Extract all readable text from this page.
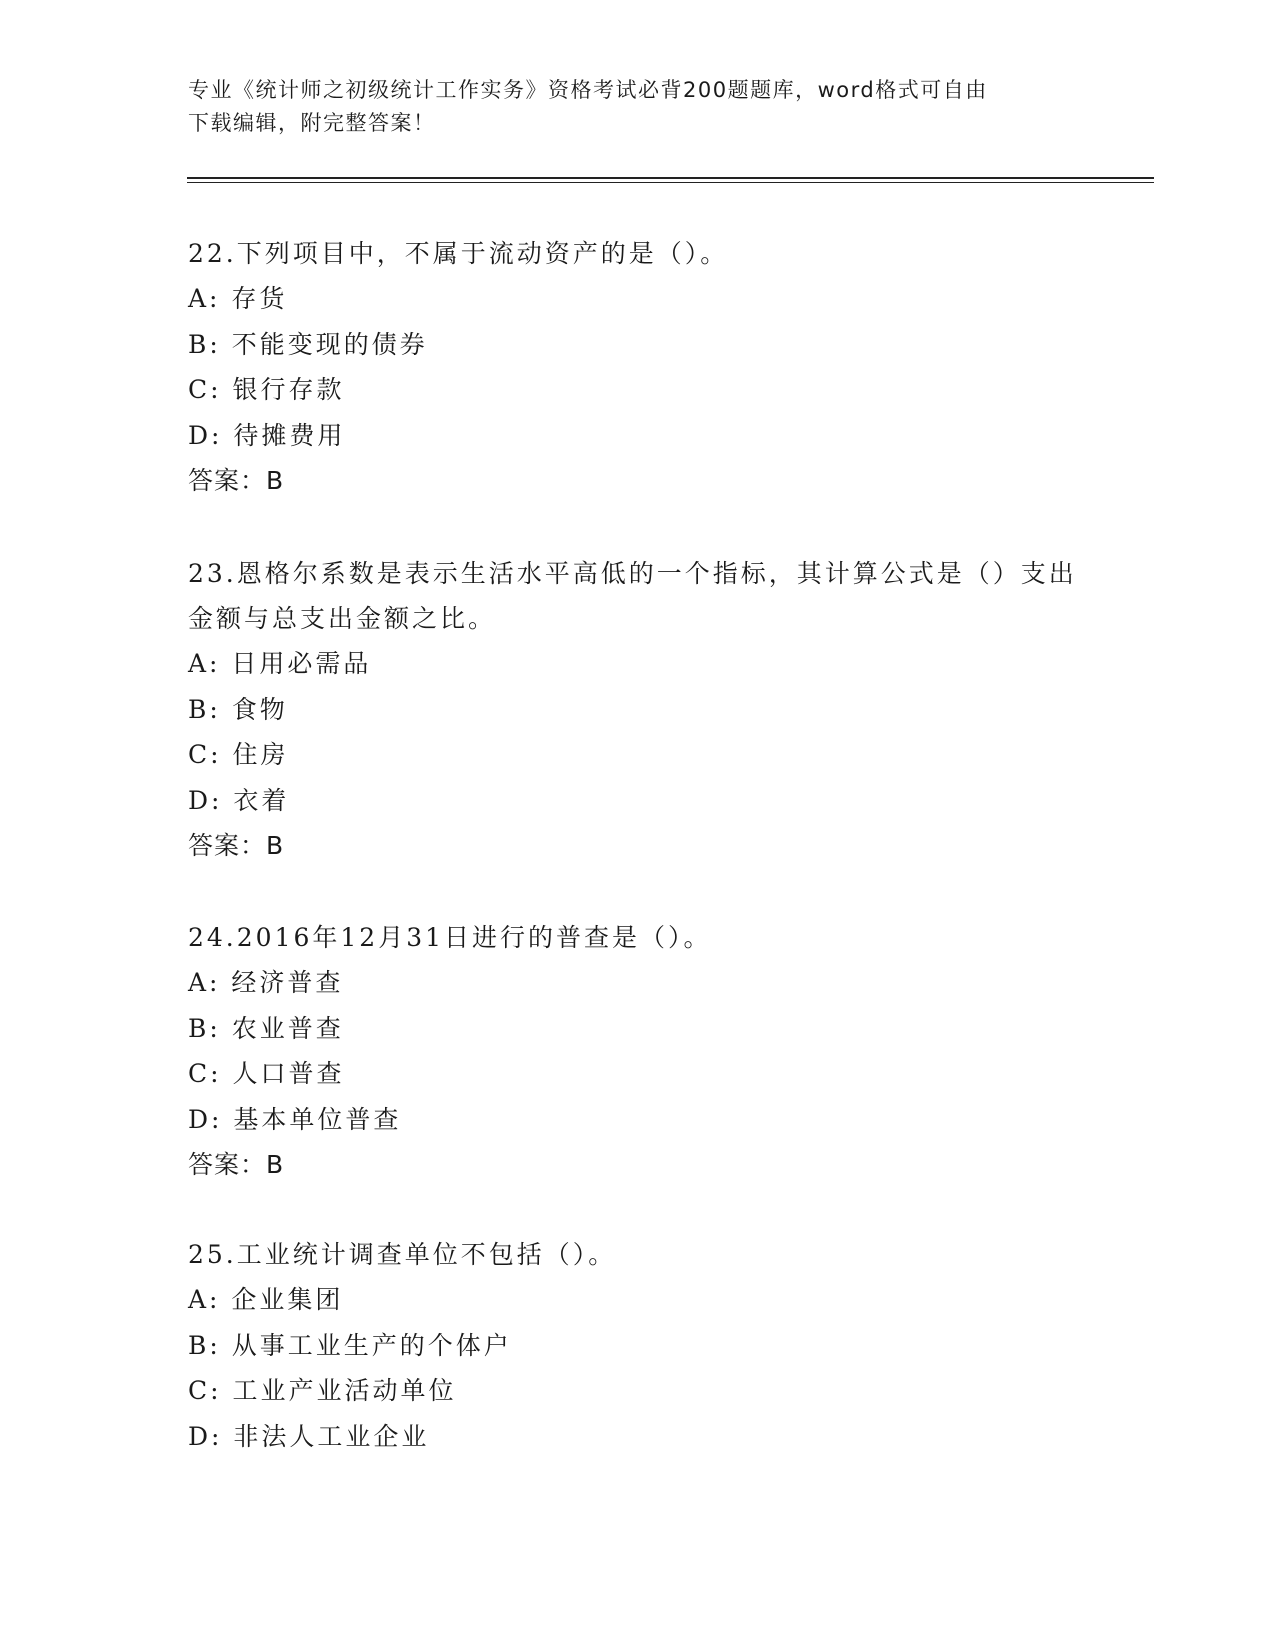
专业《统计师之初级统计工作实务》资格考试必背200题题库，word格式可自由
下载编辑，附完整答案！
22.下列项目中，不属于流动资产的是（）。
A: 存货
B: 不能变现的债券
C: 银行存款
D: 待摊费用
答案：B
23.恩格尔系数是表示生活水平高低的一个指标，其计算公式是（）支出金额与总支出金额之比。
A: 日用必需品
B: 食物
C: 住房
D: 衣着
答案：B
24.2016年12月31日进行的普查是（）。
A: 经济普查
B: 农业普查
C: 人口普查
D: 基本单位普查
答案：B
25.工业统计调查单位不包括（）。
A: 企业集团
B: 从事工业生产的个体户
C: 工业产业活动单位
D: 非法人工业企业
